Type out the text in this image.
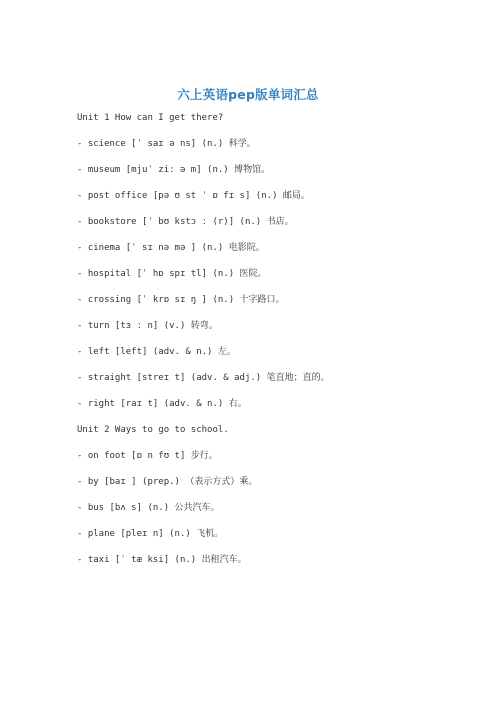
六上英语pep版单词汇总
Unit 1 How can I get there?
- science [ˈ saɪ ə ns] (n.) 科学。
- museum [mjuˈ ziː ə m] (n.) 博物馆。
- post office [pə ʊ st ˈ ɒ fɪ s] (n.) 邮局。
- bookstore [ˈ bʊ kstɔ ː (r)] (n.) 书店。
- cinema [ˈ sɪ nə mə ] (n.) 电影院。
- hospital [ˈ hɒ spɪ tl] (n.) 医院。
- crossing [ˈ krɒ sɪ ŋ ] (n.) 十字路口。
- turn [tɜ ː n] (v.) 转弯。
- left [left] (adv. & n.) 左。
- straight [streɪ t] (adv. & adj.) 笔直地；直的。
- right [raɪ t] (adv. & n.) 右。
Unit 2 Ways to go to school.
- on foot [ɒ n fʊ t] 步行。
- by [baɪ ] (prep.) （表示方式）乘。
- bus [bʌ s] (n.) 公共汽车。
- plane [pleɪ n] (n.) 飞机。
- taxi [ˈ tæ ksi] (n.) 出租汽车。
